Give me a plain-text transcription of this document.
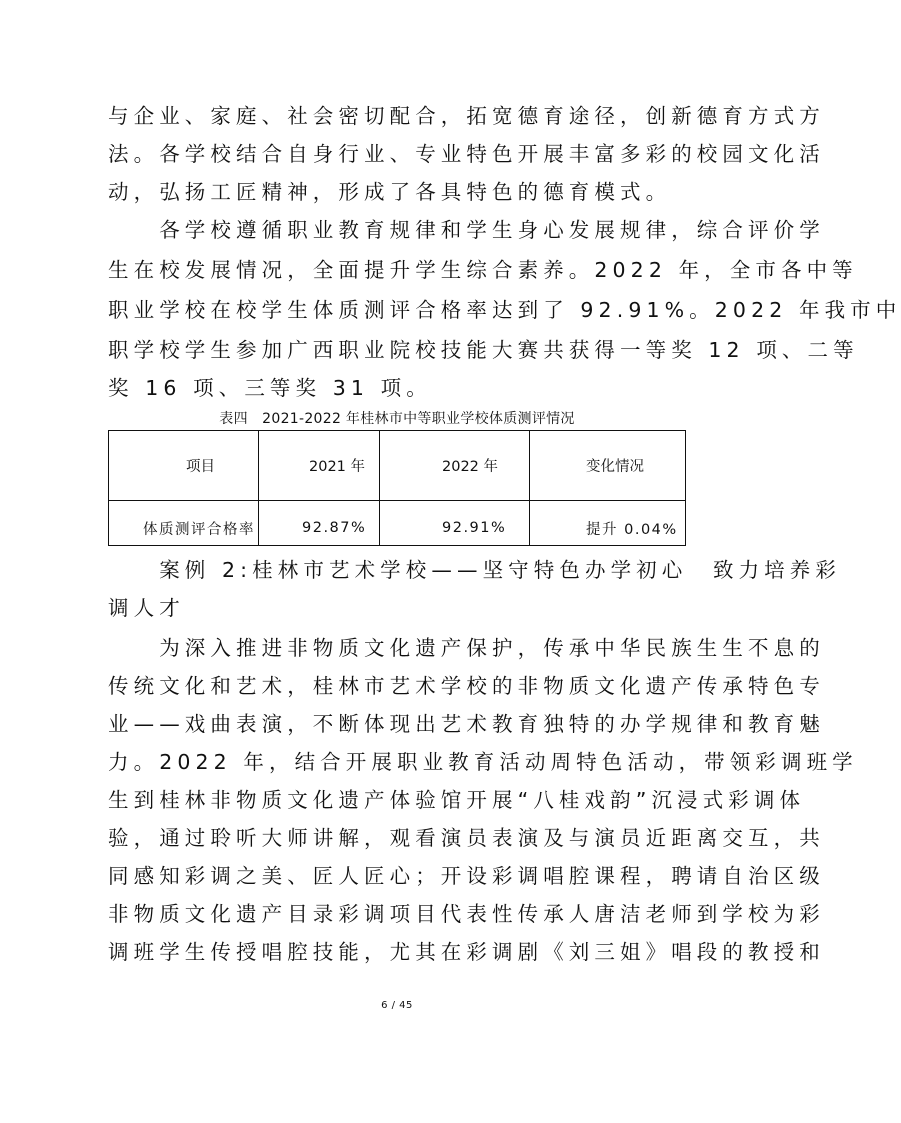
与企业、家庭、社会密切配合，拓宽德育途径，创新德育方式方
法。各学校结合自身行业、专业特色开展丰富多彩的校园文化活
动，弘扬工匠精神，形成了各具特色的德育模式。
　　各学校遵循职业教育规律和学生身心发展规律，综合评价学
生在校发展情况，全面提升学生综合素养。2022 年，全市各中等
职业学校在校学生体质测评合格率达到了 92.91%。2022 年我市中
职学校学生参加广西职业院校技能大赛共获得一等奖 12 项、二等
奖 16 项、三等奖 31 项。
表四　2021-2022 年桂林市中等职业学校体质测评情况
项目	2021 年	2022 年	变化情况

体质测评合格率	92.87%	92.91%	提升 0.04%
　　案例 2:桂林市艺术学校——坚守特色办学初心　致力培养彩
调人才
　　为深入推进非物质文化遗产保护，传承中华民族生生不息的
传统文化和艺术，桂林市艺术学校的非物质文化遗产传承特色专
业——戏曲表演，不断体现出艺术教育独特的办学规律和教育魅
力。2022 年，结合开展职业教育活动周特色活动，带领彩调班学
生到桂林非物质文化遗产体验馆开展“八桂戏韵”沉浸式彩调体
验，通过聆听大师讲解，观看演员表演及与演员近距离交互，共
同感知彩调之美、匠人匠心；开设彩调唱腔课程，聘请自治区级
非物质文化遗产目录彩调项目代表性传承人唐洁老师到学校为彩
调班学生传授唱腔技能，尤其在彩调剧《刘三姐》唱段的教授和
6 / 45
